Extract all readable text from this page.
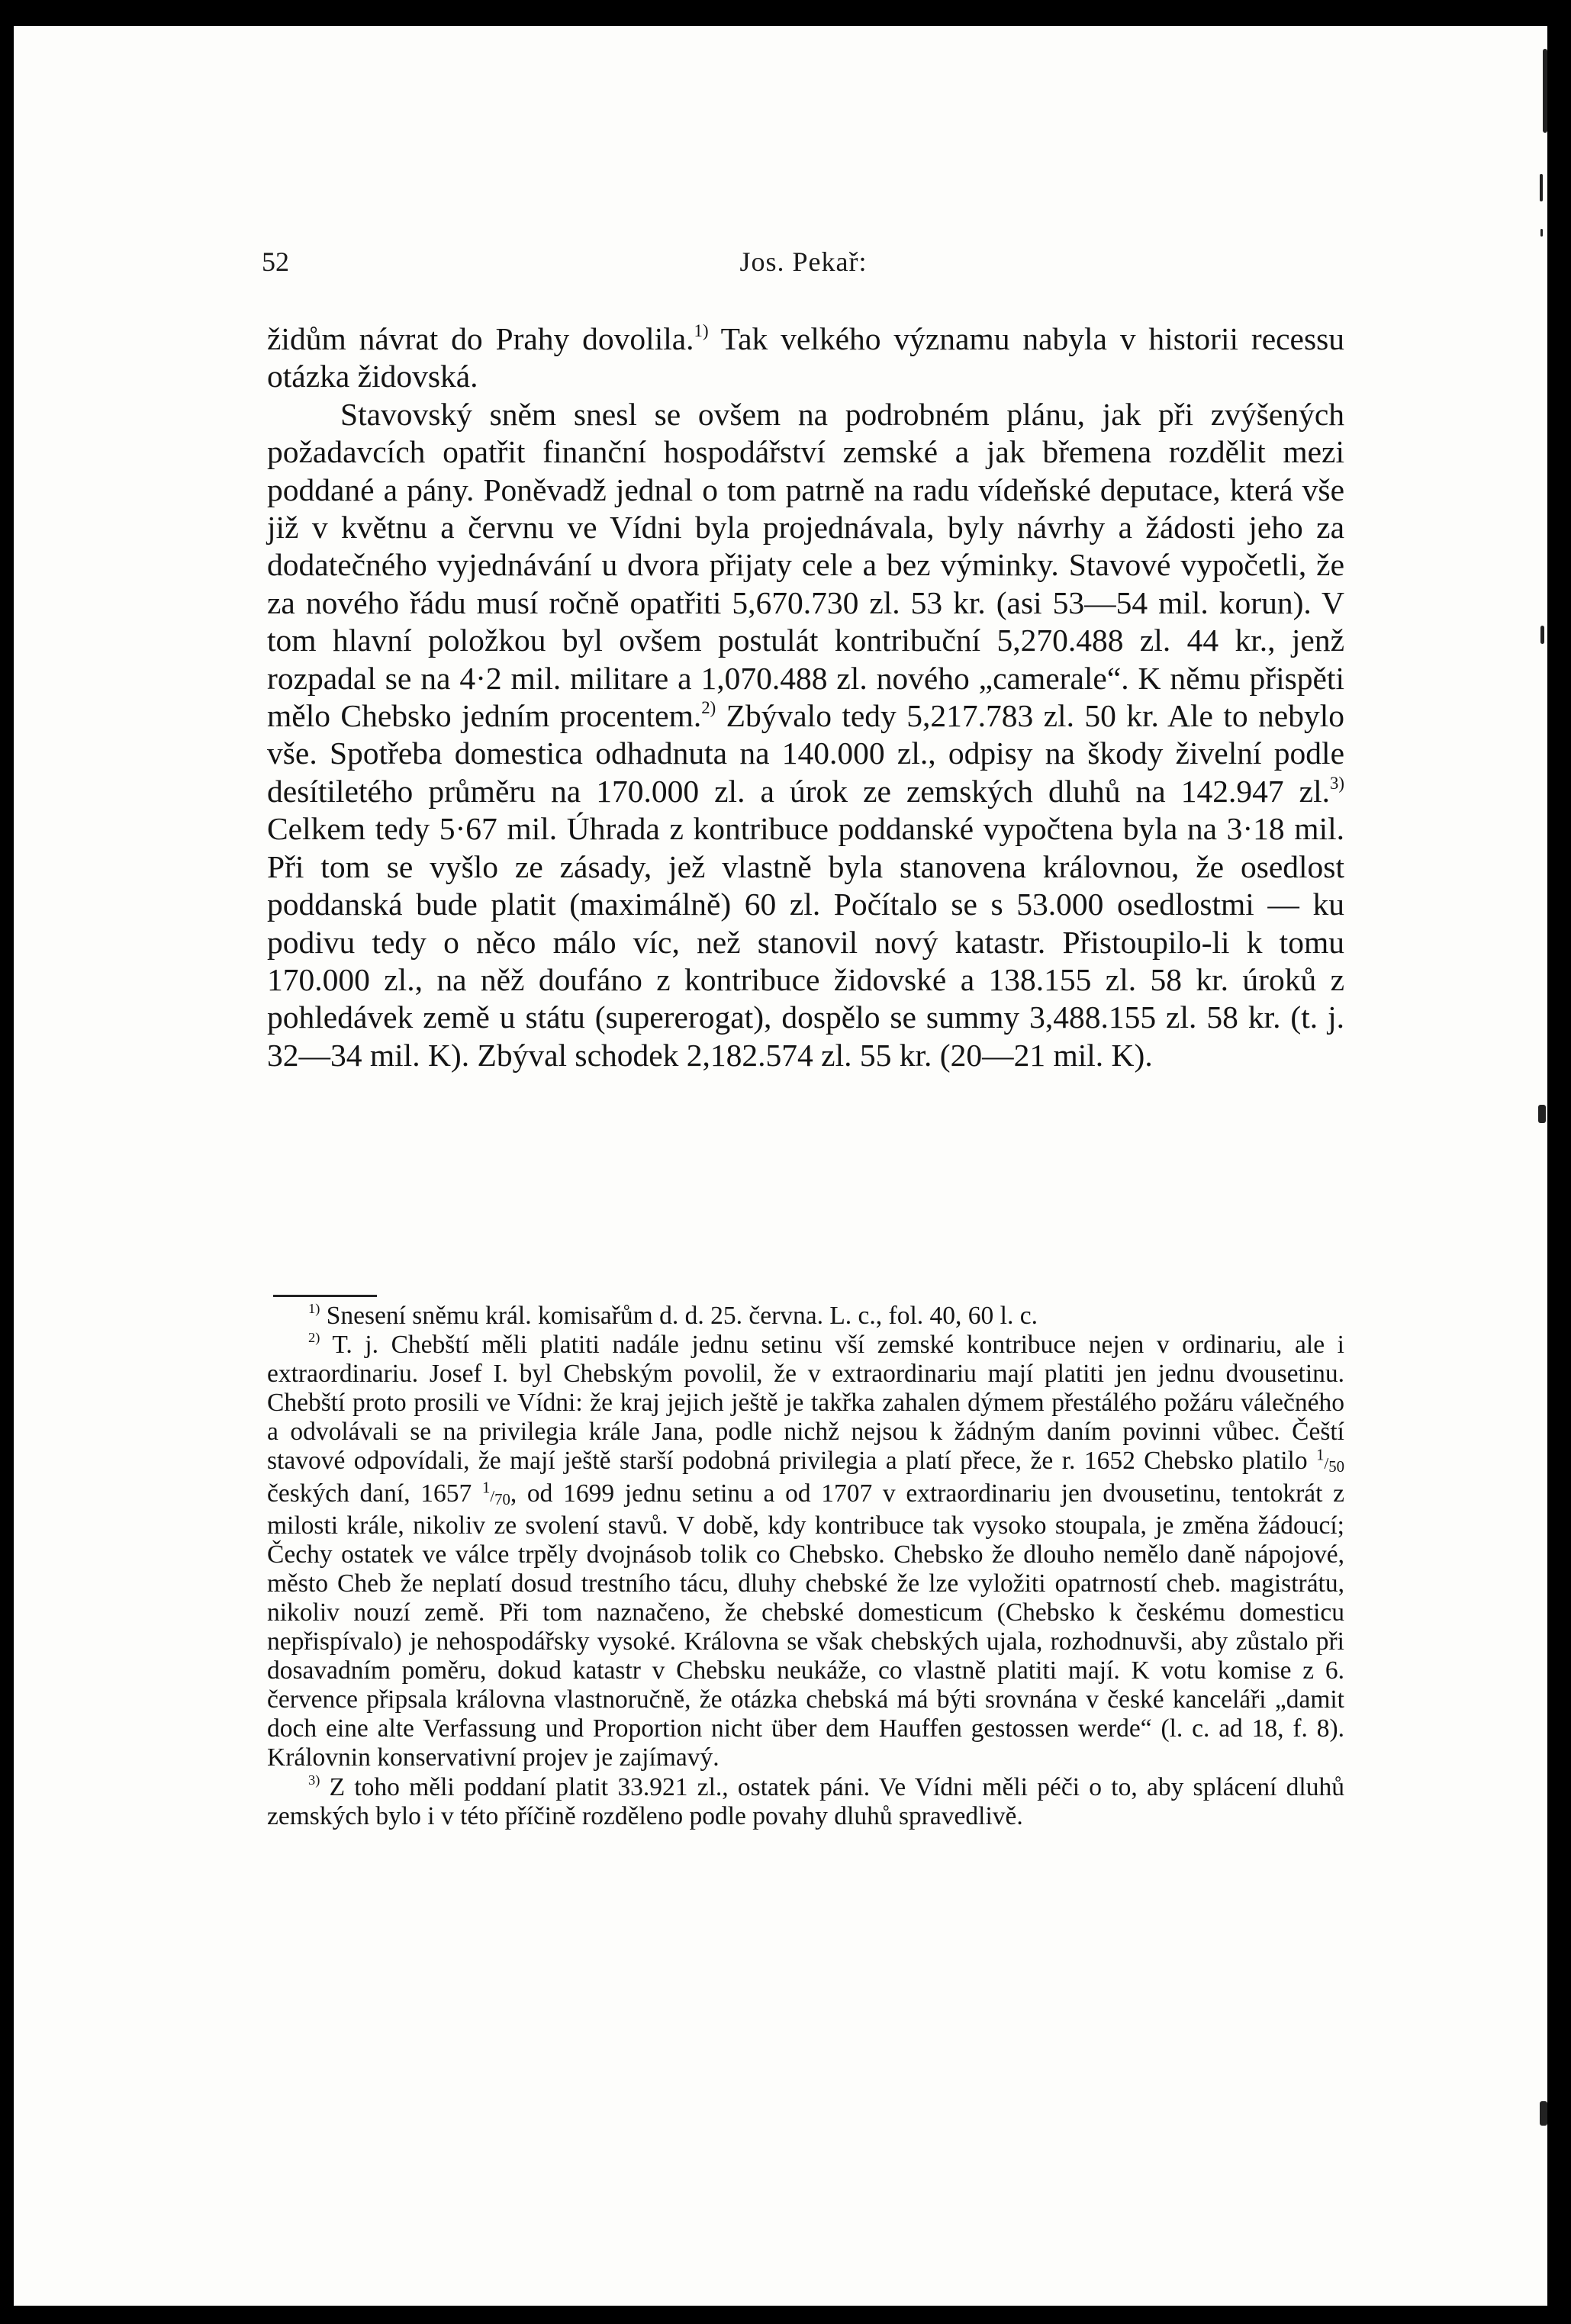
52	Jos. Pekař:

židům návrat do Prahy dovolila.$^{1)}$ Tak velkého významu nabyla v historii recessu otázka židovská.

Stavovský sněm snesl se ovšem na podrobném plánu, jak při zvýšených požadavcích opatřit finanční hospodářství zemské a jak břemena rozdělit mezi poddané a pány. Poněvadž jednal o tom patrně na radu vídeňské deputace, která vše již v květnu a červnu ve Vídni byla projednávala, byly návrhy a žádosti jeho za dodatečného vyjednávání u dvora přijaty cele a bez výminky. Stavové vypočetli, že za nového řádu musí ročně opatřiti 5,670.730 zl. 53 kr. (asi 53—54 mil. korun). V tom hlavní položkou byl ovšem postulát kontribuční 5,270.488 zl. 44 kr., jenž rozpadal se na 4·2 mil. militare a 1,070.488 zl. nového „camerale“. K němu přispěti mělo Chebsko jedním procentem.$^{2)}$ Zbývalo tedy 5,217.783 zl. 50 kr. Ale to nebylo vše. Spotřeba domestica odhadnuta na 140.000 zl., odpisy na škody živelní podle desítiletého průměru na 170.000 zl. a úrok ze zemských dluhů na 142.947 zl.$^{3)}$ Celkem tedy 5·67 mil. Úhrada z kontribuce poddanské vypočtena byla na 3·18 mil. Při tom se vyšlo ze zásady, jež vlastně byla stanovena královnou, že osedlost poddanská bude platit (maximálně) 60 zl. Počítalo se s 53.000 osedlostmi — ku podivu tedy o něco málo víc, než stanovil nový katastr. Přistoupilo-li k tomu 170.000 zl., na něž doufáno z kontribuce židovské a 138.155 zl. 58 kr. úroků z pohledávek země u státu (supererogat), dospělo se summy 3,488.155 zl. 58 kr. (t. j. 32—34 mil. K). Zbýval schodek 2,182.574 zl. 55 kr. (20—21 mil. K).

$^{1)}$ Snesení sněmu král. komisařům d. d. 25. června. L. c., fol. 40, 60 l. c.

$^{2)}$ T. j. Chebští měli platiti nadále jednu setinu vší zemské kontribuce nejen v ordinariu, ale i extraordinariu. Josef I. byl Chebským povolil, že v extraordinariu mají platiti jen jednu dvousetinu. Chebští proto prosili ve Vídni: že kraj jejich ještě je takřka zahalen dýmem přestálého požáru válečného a odvolávali se na privilegia krále Jana, podle nichž nejsou k žádným daním povinni vůbec. Čeští stavové odpovídali, že mají ještě starší podobná privilegia a platí přece, že r. 1652 Chebsko platilo $^1/_{50}$ českých daní, 1657 $^1/_{70}$, od 1699 jednu setinu a od 1707 v extraordinariu jen dvousetinu, tentokrát z milosti krále, nikoliv ze svolení stavů. V době, kdy kontribuce tak vysoko stoupala, je změna žádoucí; Čechy ostatek ve válce trpěly dvojnásob tolik co Chebsko. Chebsko že dlouho nemělo daně nápojové, město Cheb že neplatí dosud trestního tácu, dluhy chebské že lze vyložiti opatrností cheb. magistrátu, nikoliv nouzí země. Při tom naznačeno, že chebské domesticum (Chebsko k českému domesticu nepřispívalo) je nehospodářsky vysoké. Královna se však chebských ujala, rozhodnuvši, aby zůstalo při dosavadním poměru, dokud katastr v Chebsku neukáže, co vlastně platiti mají. K votu komise z 6. července připsala královna vlastnoručně, že otázka chebská má býti srovnána v české kanceláři „damit doch eine alte Verfassung und Proportion nicht über dem Hauffen gestossen werde“ (l. c. ad 18, f. 8). Královnin konservativní projev je zajímavý.

$^{3)}$ Z toho měli poddaní platit 33.921 zl., ostatek páni. Ve Vídni měli péči o to, aby splácení dluhů zemských bylo i v této příčině rozděleno podle povahy dluhů spravedlivě.
